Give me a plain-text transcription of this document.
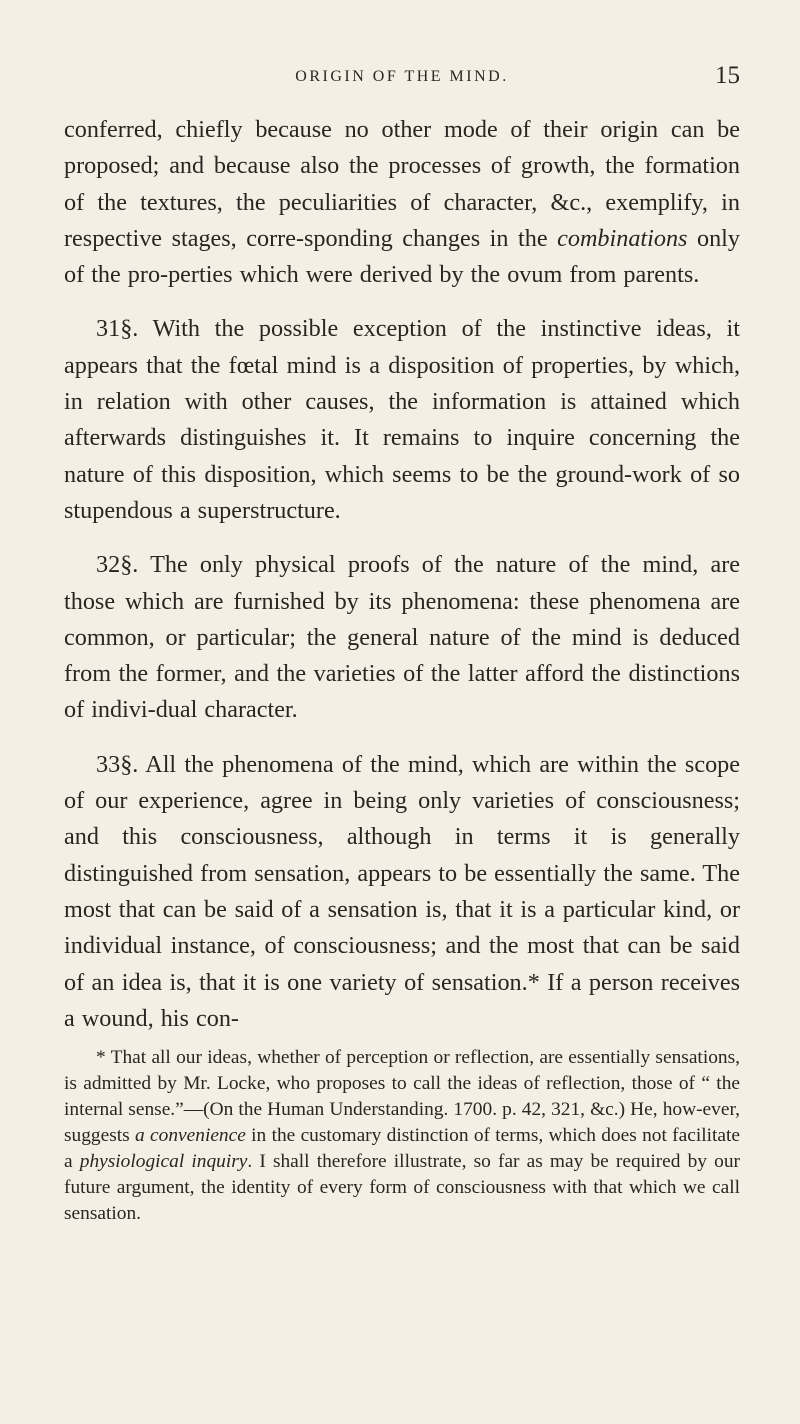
ORIGIN OF THE MIND.	15

conferred, chiefly because no other mode of their origin can be proposed; and because also the processes of growth, the formation of the textures, the peculiarities of character, &c., exemplify, in respective stages, corre-sponding changes in the combinations only of the pro-perties which were derived by the ovum from parents.

31§. With the possible exception of the instinctive ideas, it appears that the fœtal mind is a disposition of properties, by which, in relation with other causes, the information is attained which afterwards distinguishes it. It remains to inquire concerning the nature of this disposition, which seems to be the ground-work of so stupendous a superstructure.

32§. The only physical proofs of the nature of the mind, are those which are furnished by its phenomena: these phenomena are common, or particular; the general nature of the mind is deduced from the former, and the varieties of the latter afford the distinctions of indivi-dual character.

33§. All the phenomena of the mind, which are within the scope of our experience, agree in being only varieties of consciousness; and this consciousness, although in terms it is generally distinguished from sensation, appears to be essentially the same. The most that can be said of a sensation is, that it is a particular kind, or individual instance, of consciousness; and the most that can be said of an idea is, that it is one variety of sensation.* If a person receives a wound, his con-

* That all our ideas, whether of perception or reflection, are essentially sensations, is admitted by Mr. Locke, who proposes to call the ideas of reflection, those of “ the internal sense.”—(On the Human Understanding. 1700. p. 42, 321, &c.) He, how-ever, suggests a convenience in the customary distinction of terms, which does not facilitate a physiological inquiry. I shall therefore illustrate, so far as may be required by our future argument, the identity of every form of consciousness with that which we call sensation.
